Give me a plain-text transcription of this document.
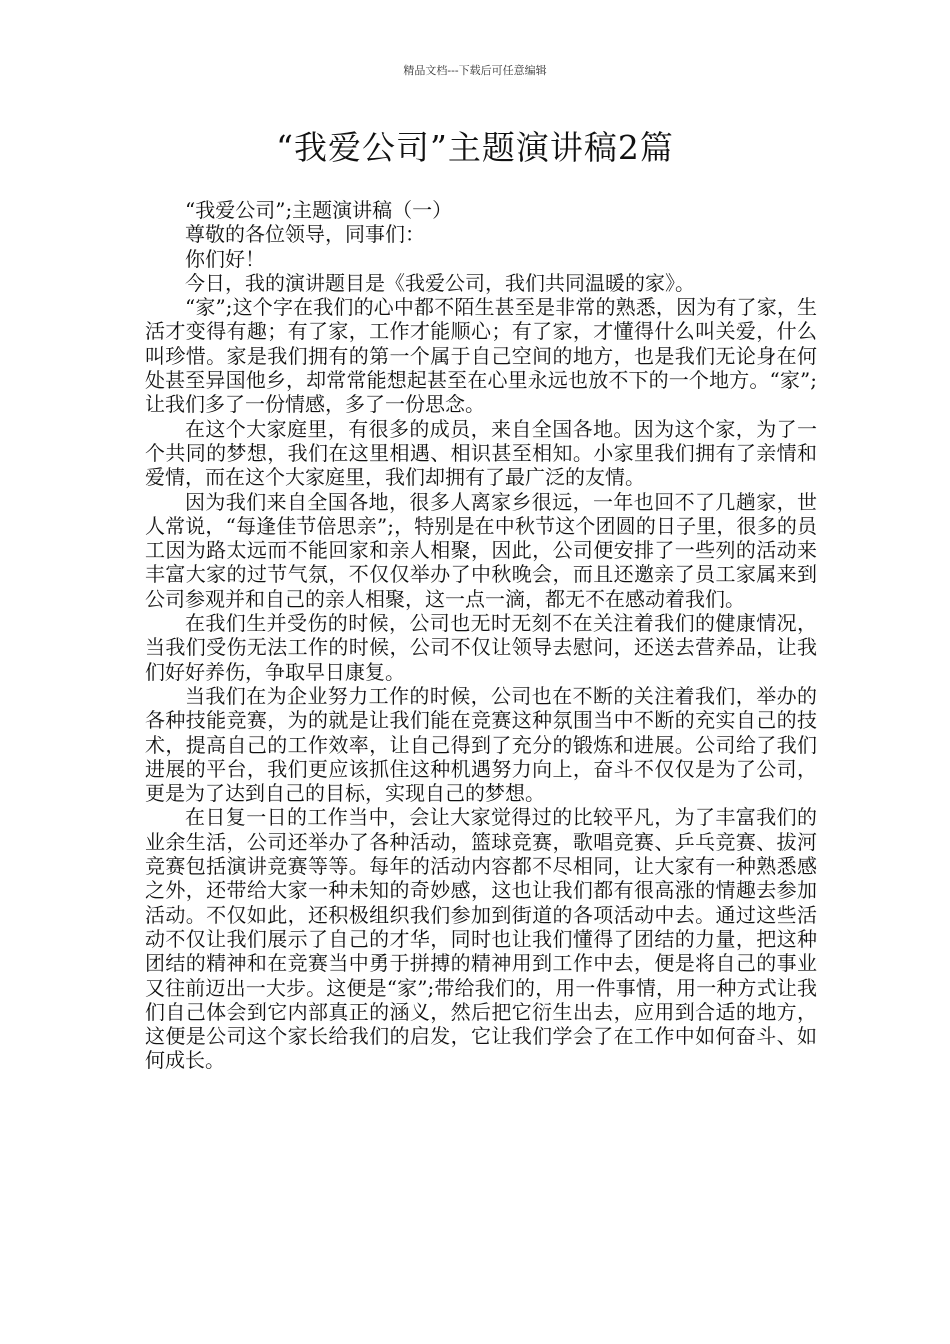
精品文档---下载后可任意编辑
“我爱公司”主题演讲稿2篇

“我爱公司”;主题演讲稿（一）

尊敬的各位领导，同事们：

你们好！

今日，我的演讲题目是《我爱公司，我们共同温暖的家》。

“家”;这个字在我们的心中都不陌生甚至是非常的熟悉，因为有了家，生活才变得有趣；有了家，工作才能顺心；有了家，才懂得什么叫关爱，什么叫珍惜。家是我们拥有的第一个属于自己空间的地方，也是我们无论身在何处甚至异国他乡，却常常能想起甚至在心里永远也放不下的一个地方。“家”;让我们多了一份情感，多了一份思念。

在这个大家庭里，有很多的成员，来自全国各地。因为这个家，为了一个共同的梦想，我们在这里相遇、相识甚至相知。小家里我们拥有了亲情和爱情，而在这个大家庭里，我们却拥有了最广泛的友情。

因为我们来自全国各地，很多人离家乡很远，一年也回不了几趟家，世人常说，“每逢佳节倍思亲”;，特别是在中秋节这个团圆的日子里，很多的员工因为路太远而不能回家和亲人相聚，因此，公司便安排了一些列的活动来丰富大家的过节气氛，不仅仅举办了中秋晚会，而且还邀亲了员工家属来到公司参观并和自己的亲人相聚，这一点一滴，都无不在感动着我们。

在我们生并受伤的时候，公司也无时无刻不在关注着我们的健康情况，当我们受伤无法工作的时候，公司不仅让领导去慰问，还送去营养品，让我们好好养伤，争取早日康复。

当我们在为企业努力工作的时候，公司也在不断的关注着我们，举办的各种技能竞赛，为的就是让我们能在竞赛这种氛围当中不断的充实自己的技术，提高自己的工作效率，让自己得到了充分的锻炼和进展。公司给了我们进展的平台，我们更应该抓住这种机遇努力向上，奋斗不仅仅是为了公司，更是为了达到自己的目标，实现自己的梦想。

在日复一日的工作当中，会让大家觉得过的比较平凡，为了丰富我们的业余生活，公司还举办了各种活动，篮球竞赛，歌唱竞赛、乒乓竞赛、拔河竞赛包括演讲竞赛等等。每年的活动内容都不尽相同，让大家有一种熟悉感之外，还带给大家一种未知的奇妙感，这也让我们都有很高涨的情趣去参加活动。不仅如此，还积极组织我们参加到街道的各项活动中去。通过这些活动不仅让我们展示了自己的才华，同时也让我们懂得了团结的力量，把这种团结的精神和在竞赛当中勇于拼搏的精神用到工作中去，便是将自己的事业又往前迈出一大步。这便是“家”;带给我们的，用一件事情，用一种方式让我们自己体会到它内部真正的涵义，然后把它衍生出去，应用到合适的地方，这便是公司这个家长给我们的启发，它让我们学会了在工作中如何奋斗、如何成长。
